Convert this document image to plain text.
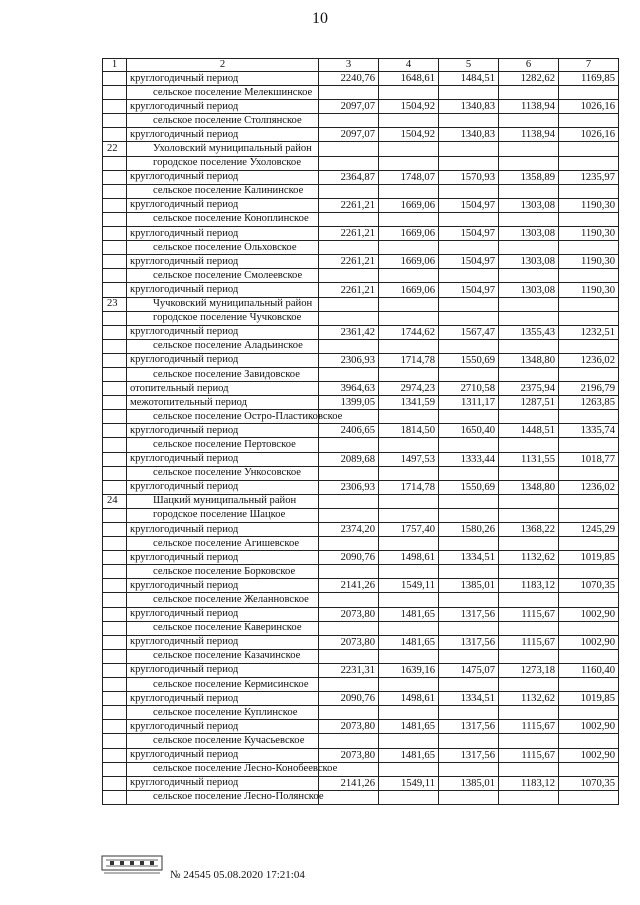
10
1	2	3	4	5	6	7
	круглогодичный период	2240,76	1648,61	1484,51	1282,62	1169,85
	сельское поселение Мелекшинское					
	круглогодичный период	2097,07	1504,92	1340,83	1138,94	1026,16
	сельское поселение Столпянское					
	круглогодичный период	2097,07	1504,92	1340,83	1138,94	1026,16
22	Ухоловский муниципальный район					
	городское поселение Ухоловское					
	круглогодичный период	2364,87	1748,07	1570,93	1358,89	1235,97
	сельское поселение Калининское					
	круглогодичный период	2261,21	1669,06	1504,97	1303,08	1190,30
	сельское поселение Коноплинское					
	круглогодичный период	2261,21	1669,06	1504,97	1303,08	1190,30
	сельское поселение Ольховское					
	круглогодичный период	2261,21	1669,06	1504,97	1303,08	1190,30
	сельское поселение Смолеевское					
	круглогодичный период	2261,21	1669,06	1504,97	1303,08	1190,30
23	Чучковский муниципальный район					
	городское поселение Чучковское					
	круглогодичный период	2361,42	1744,62	1567,47	1355,43	1232,51
	сельское поселение Аладьинское					
	круглогодичный период	2306,93	1714,78	1550,69	1348,80	1236,02
	сельское поселение Завидовское					
	отопительный период	3964,63	2974,23	2710,58	2375,94	2196,79
	межотопительный период	1399,05	1341,59	1311,17	1287,51	1263,85
	сельское поселение Остро-Пластиковское					
	круглогодичный период	2406,65	1814,50	1650,40	1448,51	1335,74
	сельское поселение Пертовское					
	круглогодичный период	2089,68	1497,53	1333,44	1131,55	1018,77
	сельское поселение Ункосовское					
	круглогодичный период	2306,93	1714,78	1550,69	1348,80	1236,02
24	Шацкий муниципальный район					
	городское поселение Шацкое					
	круглогодичный период	2374,20	1757,40	1580,26	1368,22	1245,29
	сельское поселение Агишевское					
	круглогодичный период	2090,76	1498,61	1334,51	1132,62	1019,85
	сельское поселение Борковское					
	круглогодичный период	2141,26	1549,11	1385,01	1183,12	1070,35
	сельское поселение Желанновское					
	круглогодичный период	2073,80	1481,65	1317,56	1115,67	1002,90
	сельское поселение Каверинское					
	круглогодичный период	2073,80	1481,65	1317,56	1115,67	1002,90
	сельское поселение Казачинское					
	круглогодичный период	2231,31	1639,16	1475,07	1273,18	1160,40
	сельское поселение Кермисинское					
	круглогодичный период	2090,76	1498,61	1334,51	1132,62	1019,85
	сельское поселение Куплинское					
	круглогодичный период	2073,80	1481,65	1317,56	1115,67	1002,90
	сельское поселение Кучасьевское					
	круглогодичный период	2073,80	1481,65	1317,56	1115,67	1002,90
	сельское поселение Лесно-Конобеевское					
	круглогодичный период	2141,26	1549,11	1385,01	1183,12	1070,35
	сельское поселение Лесно-Полянское					
№ 24545 05.08.2020 17:21:04
